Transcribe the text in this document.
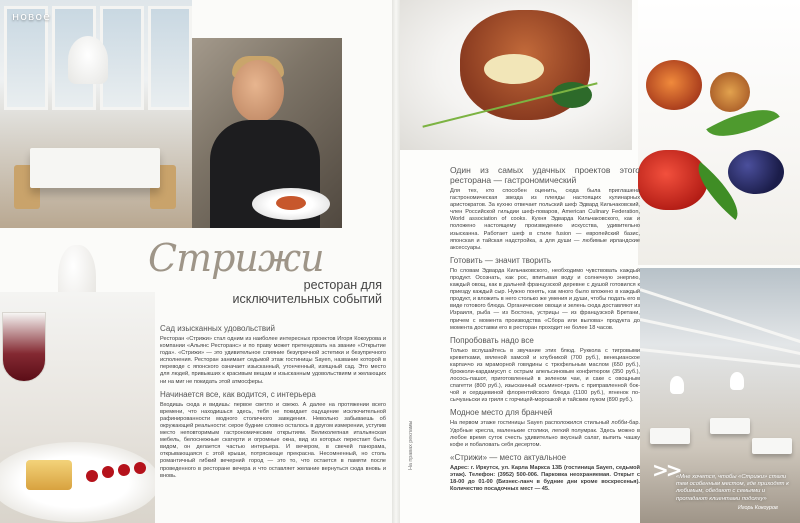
новое
Стрижи
ресторан для исключительных событий
Сад изысканных удовольствий

Ресторан «Стрижи» стал одним из наиболее интересных проектов Игоря Кокоурова и компании «Альянс Ресторанс» и по праву может претендовать на звание «Открытие года». «Стрижи» — это удивительное слияние безупречной эстетики и безупречного исполнения. Ресторан занимает седьмой этаж гостиницы Sayen, название которой в переводе с японского означает изысканный, утонченный, изящный сад. Это место для людей, привыкших к красивым вещам и изысканным удовольствиям и желающих ни на миг не покидать этой атмосферы.

Начинается все, как водится, с интерьера

Входишь сюда и видишь: первое светло и свежо. А далее на протяжении всего времени, что находишься здесь, тебя не покидает ощущение исключительной рафинированности модного столичного заведения. Невольно забываешь об окружающей реальности: серое будние словно осталось в другом измерении, уступив место неповторимым гастрономическим открытиям. Великолепная итальянская мебель, белоснежные скатерти и огромные окна, вид из которых перестает быть видом, он делается частью интерьера. И вечером, в свечей панорама, открывающаяся с этой крыши, потрясающе прекрасна. Несомненный, но столь романтичный гибкий вечерний город — это то, что остается в памяти после проведенного в ресторане вечера и что оставляет желание вернуться сюда вновь и вновь.

Один из самых удачных проектов этого ресторана — гастрономический

Для тех, кто способен оценить, сюда была приглашена гастрономическая звезда из плеяды настоящих кулинарных аристократов. За кухню отвечает польский шеф Эдвард Кильчаковский, член Российской гильдии шеф-поваров, American Culinary Federation, World association of cooks. Кухня Эдварда Кильчаковского, как и положено настоящему произведению искусства, удивительно изысканна. Работает шеф в стиле fusion — европейский базис, японская и тайская надстройка, а для души — любимые ирландские аксессуары.

Готовить — значит творить

По словам Эдварда Кильчаковского, необходимо чувствовать каждый продукт. Осознать, как рос, впитывая воду и солнечную энергию, каждый овощ, как в дальней французской деревне с душой готовился к приезду каждый сыр. Нужно понять, как много было вложено в каждый продукт, и вложить в него столько же умения и души, чтобы подать его в виде готового блюда. Органические овощи и зелень сюда доставляют из Израиля, рыба — из Бостона, устрицы — из французской Бретани, причем с момента производства «Сбора или вылова» продукта до момента доставки его в ресторан проходит не более 18 часов.

Попробовать надо все

Только вслушайтесь в звучание этих блюд. Руккола с тигровыми креветками, вяленой хамсой и клубникой (700 руб.), венецианское карпаччо из мраморной говядины с трюфельным маслом (650 руб.), брокколи-кардамусуп с острым апельсиновым конфитюром (350 руб.), лосось-пашот, приготовленный в зеленом чае, и саке с овощным спагетти (800 руб.), изысканный осьминог-гриль с приправленной бок-чой и сердцевиной флорентийского блюда (1100 руб.), ягненок по-сычуаньски из гриля с горчицей-морошкой и тайским луком (890 руб.).

Модное место для бранчей

На первом этаже гостиницы Sayen расположился стильный лобби-бар. Удобные кресла, маленькие столики, легкий полумрак. Здесь можно в любое время суток счесть удивительно вкусный салат, выпить чашку кофе и побаловать себя десертом.

«Стрижи» — место актуальное

Адрес: г. Иркутск, ул. Карла Маркса 13Б (гостиница Sayen, седьмой этаж). Телефон: (3952) 500-006. Парковка неохраняемая. Открыт с 18-00 до 01-00 (Бизнес-ланч в будние дни кроме воскресенья). Количество посадочных мест — 45.

>>
«Мне хочется, чтобы «Стрижи» стали тем особенным местом, где приходят к любимым, обедают с семьями и пропадают клиентами подолгу»
Игорь Кокоуров
На правах рекламы
